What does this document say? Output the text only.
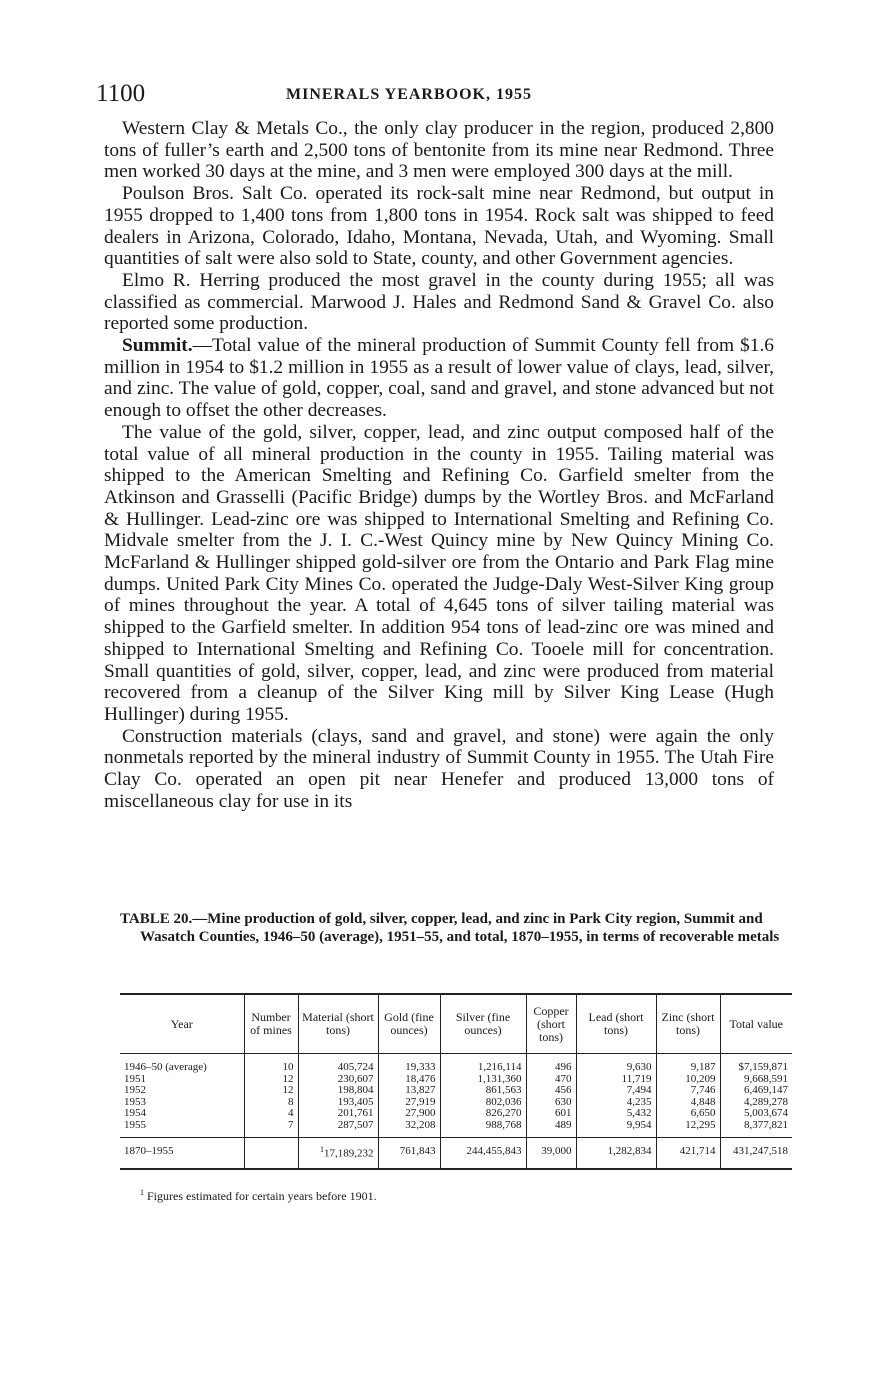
1100	MINERALS YEARBOOK, 1955

Western Clay & Metals Co., the only clay producer in the region, produced 2,800 tons of fuller’s earth and 2,500 tons of bentonite from its mine near Redmond. Three men worked 30 days at the mine, and 3 men were employed 300 days at the mill.

Poulson Bros. Salt Co. operated its rock-salt mine near Redmond, but output in 1955 dropped to 1,400 tons from 1,800 tons in 1954. Rock salt was shipped to feed dealers in Arizona, Colorado, Idaho, Montana, Nevada, Utah, and Wyoming. Small quantities of salt were also sold to State, county, and other Government agencies.

Elmo R. Herring produced the most gravel in the county during 1955; all was classified as commercial. Marwood J. Hales and Redmond Sand & Gravel Co. also reported some production.

Summit.—Total value of the mineral production of Summit County fell from $1.6 million in 1954 to $1.2 million in 1955 as a result of lower value of clays, lead, silver, and zinc. The value of gold, copper, coal, sand and gravel, and stone advanced but not enough to offset the other decreases.

The value of the gold, silver, copper, lead, and zinc output composed half of the total value of all mineral production in the county in 1955. Tailing material was shipped to the American Smelting and Refining Co. Garfield smelter from the Atkinson and Grasselli (Pacific Bridge) dumps by the Wortley Bros. and McFarland & Hullinger. Lead-zinc ore was shipped to International Smelting and Refining Co. Midvale smelter from the J. I. C.-West Quincy mine by New Quincy Mining Co. McFarland & Hullinger shipped gold-silver ore from the Ontario and Park Flag mine dumps. United Park City Mines Co. operated the Judge-Daly West-Silver King group of mines throughout the year. A total of 4,645 tons of silver tailing material was shipped to the Garfield smelter. In addition 954 tons of lead-zinc ore was mined and shipped to International Smelting and Refining Co. Tooele mill for concentration. Small quantities of gold, silver, copper, lead, and zinc were produced from material recovered from a cleanup of the Silver King mill by Silver King Lease (Hugh Hullinger) during 1955.

Construction materials (clays, sand and gravel, and stone) were again the only nonmetals reported by the mineral industry of Summit County in 1955. The Utah Fire Clay Co. operated an open pit near Henefer and produced 13,000 tons of miscellaneous clay for use in its

TABLE 20.—Mine production of gold, silver, copper, lead, and zinc in Park City region, Summit and Wasatch Counties, 1946–50 (average), 1951–55, and total, 1870–1955, in terms of recoverable metals
Year	Number of mines	Material (short tons)	Gold (fine ounces)	Silver (fine ounces)	Copper (short tons)	Lead (short tons)	Zinc (short tons)	Total value
1946–50 (average)	10	405,724	19,333	1,216,114	496	9,630	9,187	$7,159,871
1951	12	230,607	18,476	1,131,360	470	11,719	10,209	9,668,591
1952	12	198,804	13,827	861,563	456	7,494	7,746	6,469,147
1953	8	193,405	27,919	802,036	630	4,235	4,848	4,289,278
1954	4	201,761	27,900	826,270	601	5,432	6,650	5,003,674
1955	7	287,507	32,208	988,768	489	9,954	12,295	8,377,821
1870–1955		$^1$17,189,232	761,843	244,455,843	39,000	1,282,834	421,714	431,247,518
$^1$ Figures estimated for certain years before 1901.
